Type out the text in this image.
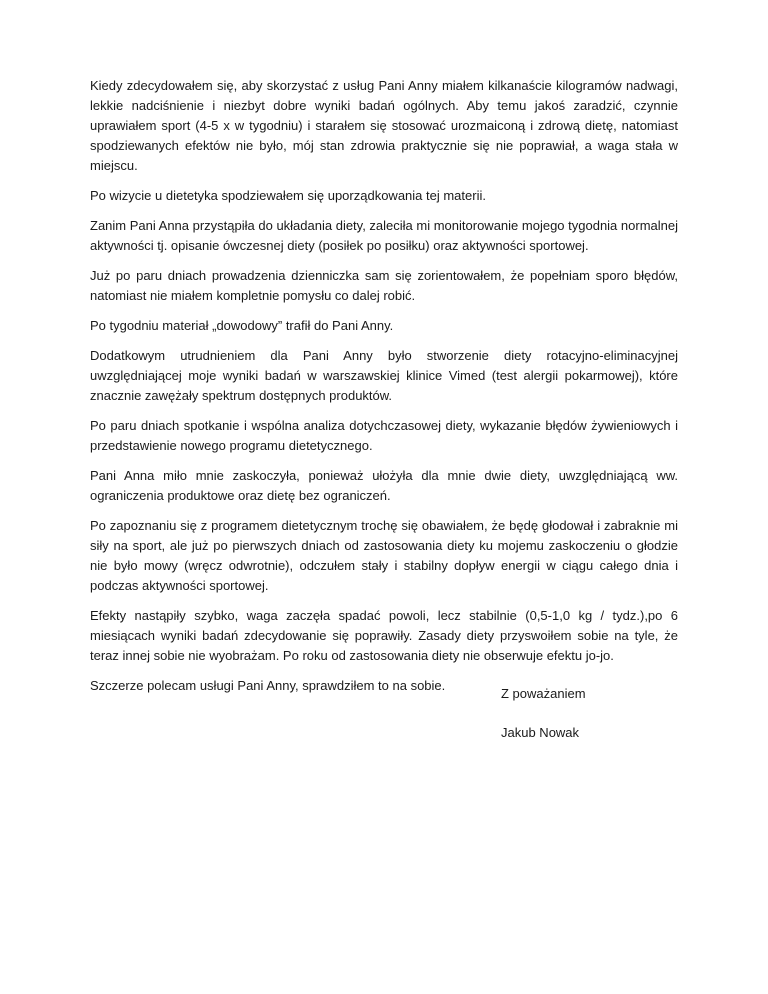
Kiedy zdecydowałem się, aby skorzystać z usług Pani Anny miałem kilkanaście kilogramów nadwagi, lekkie nadciśnienie i niezbyt dobre wyniki badań ogólnych. Aby temu jakoś zaradzić, czynnie uprawiałem sport (4-5 x w tygodniu) i starałem się stosować urozmaiconą i zdrową dietę, natomiast spodziewanych efektów nie było, mój stan zdrowia praktycznie się nie poprawiał, a waga stała w miejscu.

Po wizycie u dietetyka spodziewałem się uporządkowania tej materii.

Zanim Pani Anna przystąpiła do układania diety, zaleciła mi monitorowanie mojego tygodnia normalnej aktywności tj. opisanie ówczesnej diety (posiłek po posiłku) oraz aktywności sportowej.

Już po paru dniach prowadzenia dzienniczka sam się zorientowałem, że popełniam sporo błędów, natomiast nie miałem kompletnie pomysłu co dalej robić.

Po tygodniu materiał „dowodowy” trafił do Pani Anny.

Dodatkowym utrudnieniem dla Pani Anny było stworzenie diety rotacyjno-eliminacyjnej uwzględniającej moje wyniki badań w warszawskiej klinice Vimed (test alergii pokarmowej), które znacznie zawężały spektrum dostępnych produktów.

Po paru dniach spotkanie i wspólna analiza dotychczasowej diety, wykazanie błędów żywieniowych i przedstawienie nowego programu dietetycznego.

Pani Anna miło mnie zaskoczyła, ponieważ ułożyła dla mnie dwie diety, uwzględniającą ww. ograniczenia produktowe oraz dietę bez ograniczeń.

Po zapoznaniu się z programem dietetycznym trochę się obawiałem, że będę głodował i zabraknie mi siły na sport, ale już po pierwszych dniach od zastosowania diety ku mojemu zaskoczeniu o głodzie nie było mowy (wręcz odwrotnie), odczułem stały i stabilny dopływ energii w ciągu całego dnia i podczas aktywności sportowej.

Efekty nastąpiły szybko, waga zaczęła spadać powoli, lecz stabilnie (0,5-1,0 kg / tydz.),po 6 miesiącach wyniki badań zdecydowanie się poprawiły. Zasady diety przyswoiłem sobie na tyle, że teraz innej sobie nie wyobrażam. Po roku od zastosowania diety nie obserwuje efektu jo-jo.

Szczerze polecam usługi Pani Anny, sprawdziłem to na sobie.

Z poważaniem
Jakub Nowak
